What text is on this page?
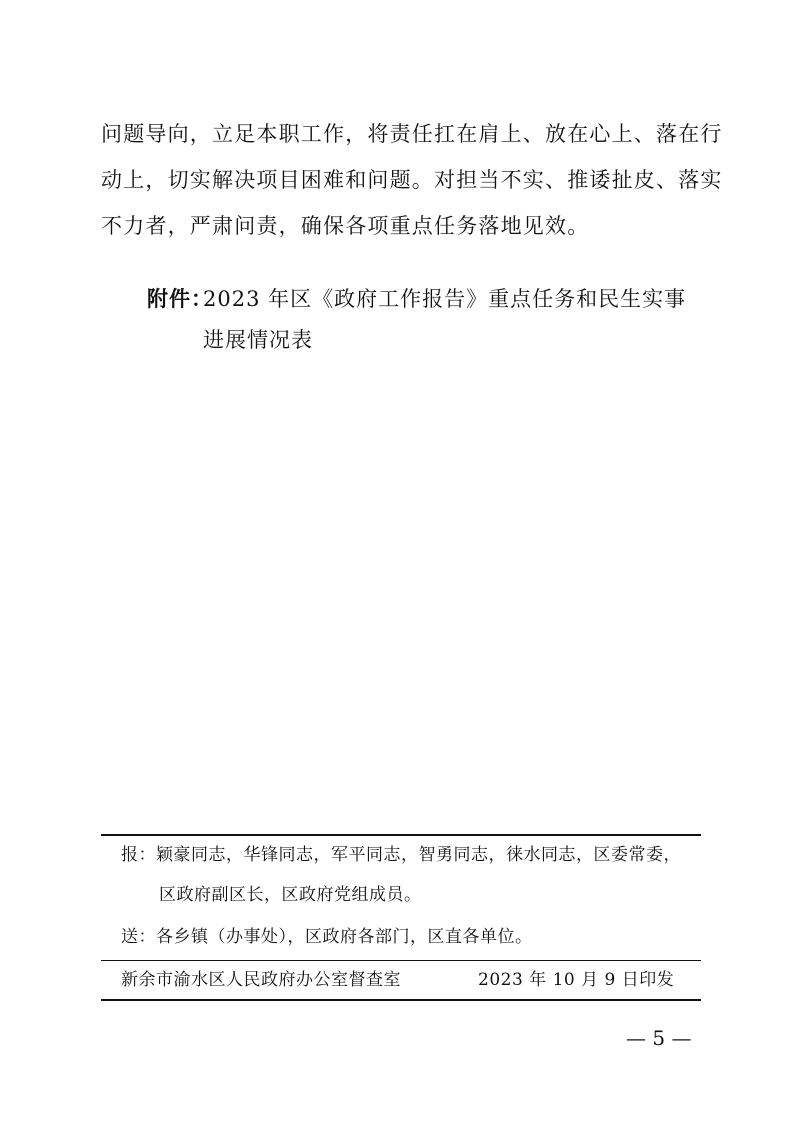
问题导向，立足本职工作，将责任扛在肩上、放在心上、落在行

动上，切实解决项目困难和问题。对担当不实、推诿扯皮、落实

不力者，严肃问责，确保各项重点任务落地见效。

附件：
2023 年区《政府工作报告》重点任务和民生实事
进展情况表
报：颖豪同志，华锋同志，军平同志，智勇同志，徕水同志，区委常委，
区政府副区长，区政府党组成员。
送：各乡镇（办事处），区政府各部门，区直各单位。
新余市渝水区人民政府办公室督查室	2023 年 10 月 9 日印发
— 5 —
